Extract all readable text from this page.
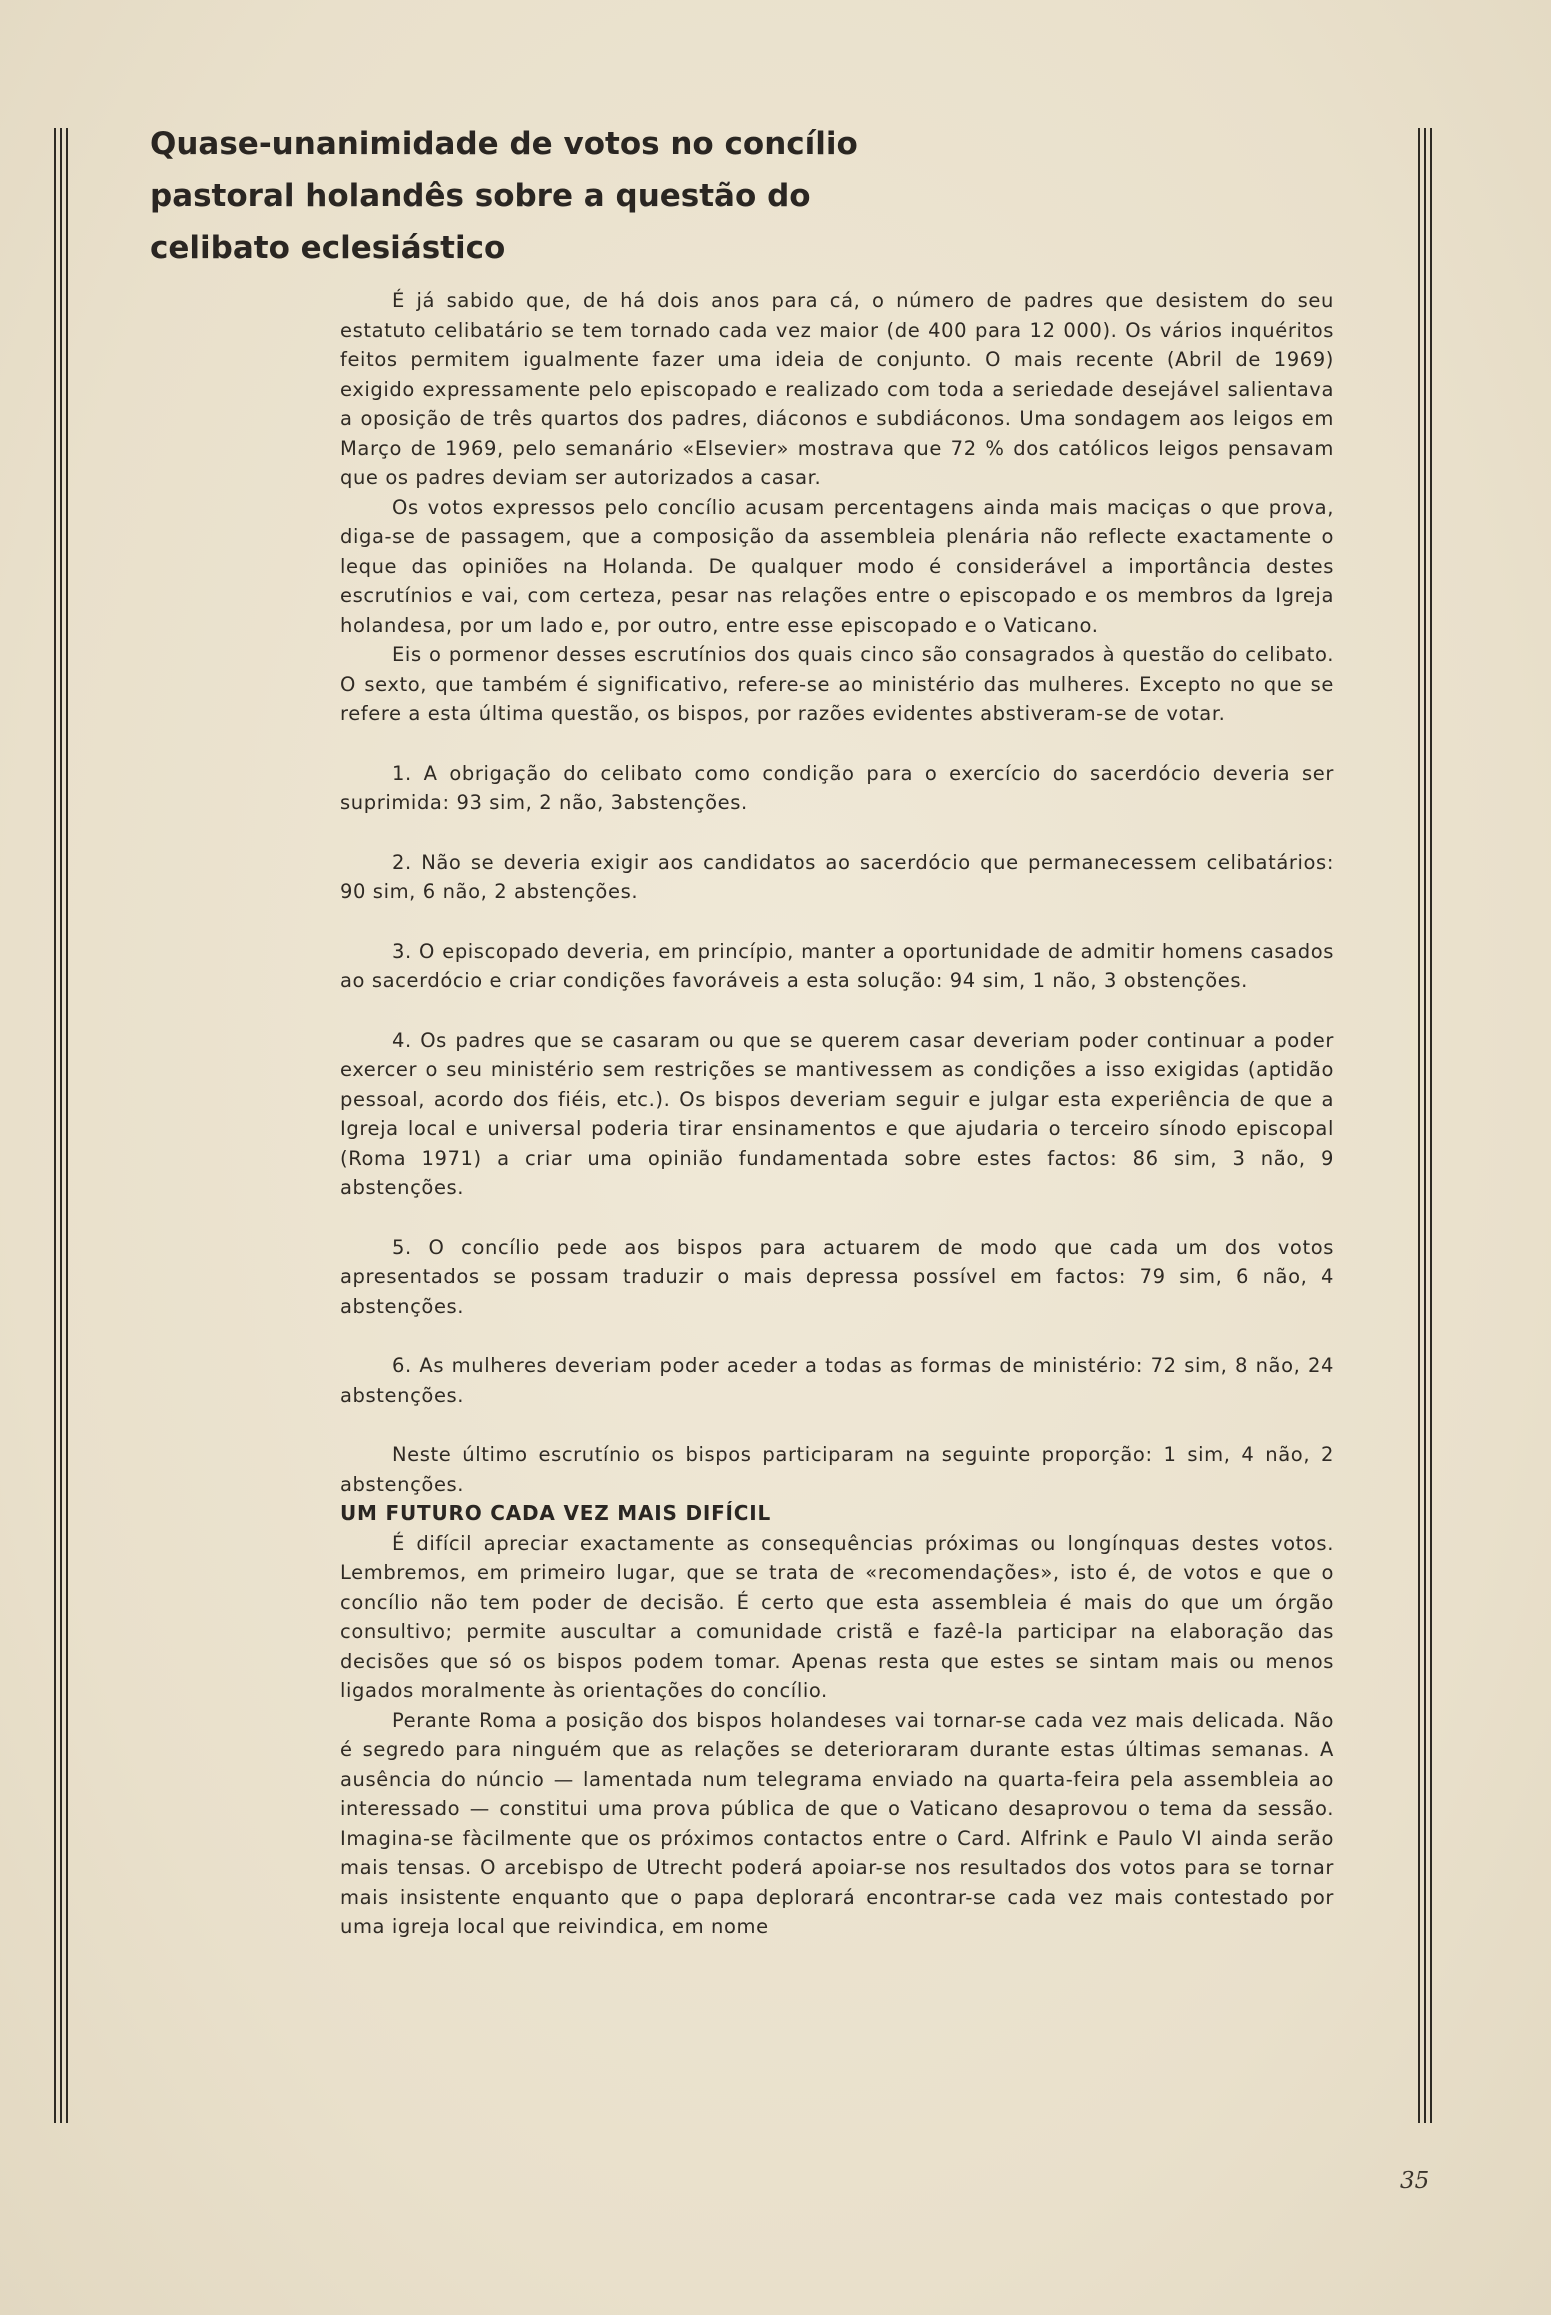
Quase-unanimidade de votos no concílio pastoral holandês sobre a questão do celibato eclesiástico

É já sabido que, de há dois anos para cá, o número de padres que desistem do seu estatuto celibatário se tem tornado cada vez maior (de 400 para 12 000). Os vários inquéritos feitos permitem igualmente fazer uma ideia de conjunto. O mais recente (Abril de 1969) exigido expressamente pelo episcopado e realizado com toda a seriedade desejável salientava a oposição de três quartos dos padres, diáconos e subdiáconos. Uma sondagem aos leigos em Março de 1969, pelo semanário «Elsevier» mostrava que 72 % dos católicos leigos pensavam que os padres deviam ser autorizados a casar.

Os votos expressos pelo concílio acusam percentagens ainda mais maciças o que prova, diga-se de passagem, que a composição da assembleia plenária não reflecte exactamente o leque das opiniões na Holanda. De qualquer modo é considerável a importância destes escrutínios e vai, com certeza, pesar nas relações entre o episcopado e os membros da Igreja holandesa, por um lado e, por outro, entre esse episcopado e o Vaticano.

Eis o pormenor desses escrutínios dos quais cinco são consagrados à questão do celibato. O sexto, que também é significativo, refere-se ao ministério das mulheres. Excepto no que se refere a esta última questão, os bispos, por razões evidentes abstiveram-se de votar.

1. A obrigação do celibato como condição para o exercício do sacerdócio deveria ser suprimida: 93 sim, 2 não, 3abstenções.

2. Não se deveria exigir aos candidatos ao sacerdócio que permanecessem celibatários: 90 sim, 6 não, 2 abstenções.

3. O episcopado deveria, em princípio, manter a oportunidade de admitir homens casados ao sacerdócio e criar condições favoráveis a esta solução: 94 sim, 1 não, 3 obstenções.

4. Os padres que se casaram ou que se querem casar deveriam poder continuar a poder exercer o seu ministério sem restrições se mantivessem as condições a isso exigidas (aptidão pessoal, acordo dos fiéis, etc.). Os bispos deveriam seguir e julgar esta experiência de que a Igreja local e universal poderia tirar ensinamentos e que ajudaria o terceiro sínodo episcopal (Roma 1971) a criar uma opinião fundamentada sobre estes factos: 86 sim, 3 não, 9 abstenções.

5. O concílio pede aos bispos para actuarem de modo que cada um dos votos apresentados se possam traduzir o mais depressa possível em factos: 79 sim, 6 não, 4 abstenções.

6. As mulheres deveriam poder aceder a todas as formas de ministério: 72 sim, 8 não, 24 abstenções.

Neste último escrutínio os bispos participaram na seguinte proporção: 1 sim, 4 não, 2 abstenções.

UM FUTURO CADA VEZ MAIS DIFÍCIL

É difícil apreciar exactamente as consequências próximas ou longínquas destes votos. Lembremos, em primeiro lugar, que se trata de «recomendações», isto é, de votos e que o concílio não tem poder de decisão. É certo que esta assembleia é mais do que um órgão consultivo; permite auscultar a comunidade cristã e fazê-la participar na elaboração das decisões que só os bispos podem tomar. Apenas resta que estes se sintam mais ou menos ligados moralmente às orientações do concílio.

Perante Roma a posição dos bispos holandeses vai tornar-se cada vez mais delicada. Não é segredo para ninguém que as relações se deterioraram durante estas últimas semanas. A ausência do núncio — lamentada num telegrama enviado na quarta-feira pela assembleia ao interessado — constitui uma prova pública de que o Vaticano desaprovou o tema da sessão. Imagina-se fàcilmente que os próximos contactos entre o Card. Alfrink e Paulo VI ainda serão mais tensas. O arcebispo de Utrecht poderá apoiar-se nos resultados dos votos para se tornar mais insistente enquanto que o papa deplorará encontrar-se cada vez mais contestado por uma igreja local que reivindica, em nome

35
